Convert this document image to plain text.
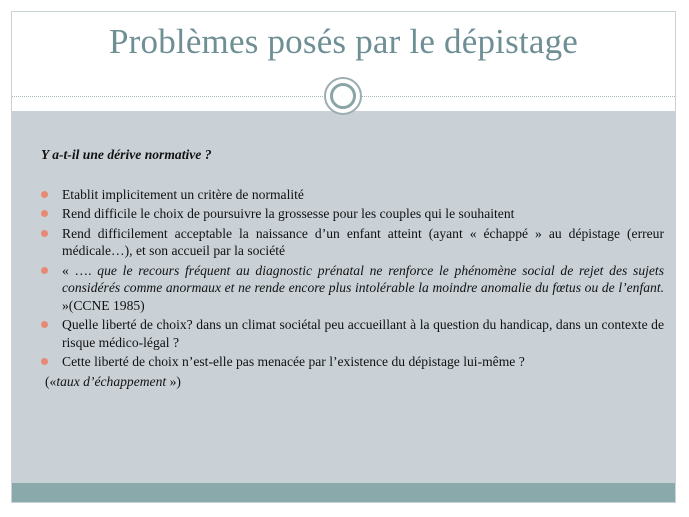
Problèmes posés par le dépistage
Y a-t-il une dérive normative ?
Etablit implicitement un critère de normalité
Rend difficile le choix de poursuivre la grossesse pour les couples qui le souhaitent
Rend difficilement acceptable la naissance d’un enfant atteint (ayant « échappé » au dépistage (erreur médicale…), et son accueil par la société
« …. que le recours fréquent au diagnostic prénatal ne renforce le phénomène social de rejet des sujets considérés comme anormaux et ne rende encore plus intolérable la moindre anomalie du fœtus ou de l’enfant. »(CCNE 1985)
Quelle liberté de choix? dans un climat sociétal peu accueillant à la question du handicap, dans un contexte de risque médico-légal ?
Cette liberté de choix n’est-elle pas menacée par l’existence du dépistage lui-même ?
(«taux d’échappement »)
